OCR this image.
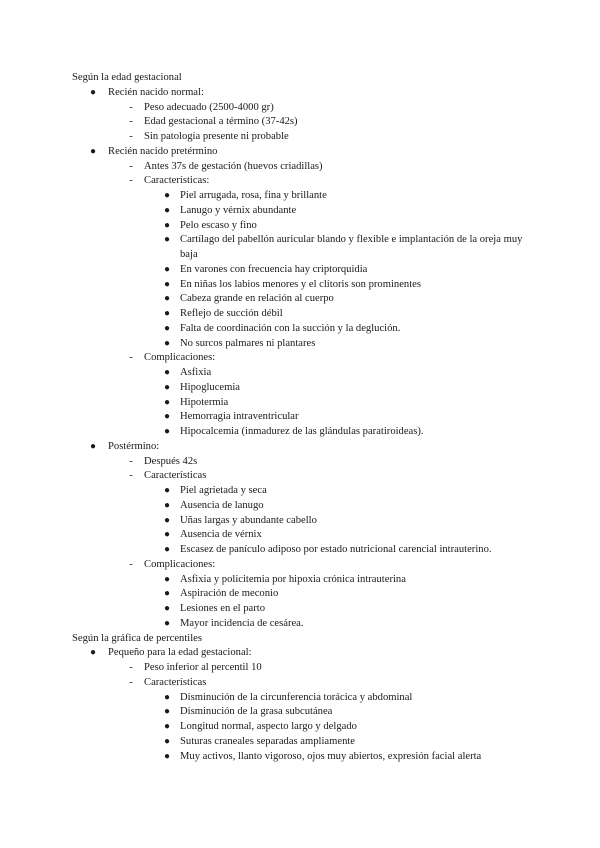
Según la edad gestacional
● Recién nacido normal:
-	Peso adecuado (2500-4000 gr)
-	Edad gestacional a término (37-42s)
-	Sin patología presente ni probable
● Recién nacido pretérmino
-	Antes 37s de gestación (huevos criadillas)
-	Características:
● Piel arrugada, rosa, fina y brillante
● Lanugo y vérnix abundante
● Pelo escaso y fino
● Cartílago del pabellón auricular blando y flexible e implantación de la oreja muy baja
● En varones con frecuencia hay criptorquidia
● En niñas los labios menores y el clítoris son prominentes
● Cabeza grande en relación al cuerpo
● Reflejo de succión débil
● Falta de coordinación con la succión y la deglución.
● No surcos palmares ni plantares
-	Complicaciones:
● Asfixia
● Hipoglucemia
● Hipotermia
● Hemorragia intraventricular
● Hipocalcemia (inmadurez de las glándulas paratiroideas).
● Postérmino:
-	Después 42s
-	Características
● Piel agrietada y seca
● Ausencia de lanugo
● Uñas largas y abundante cabello
● Ausencia de vérnix
● Escasez de panículo adiposo por estado nutricional carencial intrauterino.
-	Complicaciones:
● Asfixia y policitemia por hipoxia crónica intrauterina
● Aspiración de meconio
● Lesiones en el parto
● Mayor incidencia de cesárea.
Según la gráfica de percentiles
● Pequeño para la edad gestacional:
-	Peso inferior al percentil 10
-	Características
● Disminución de la circunferencia torácica y abdominal
● Disminución de la grasa subcutánea
● Longitud normal, aspecto largo y delgado
● Suturas craneales separadas ampliamente
● Muy activos, llanto vigoroso, ojos muy abiertos, expresión facial alerta
